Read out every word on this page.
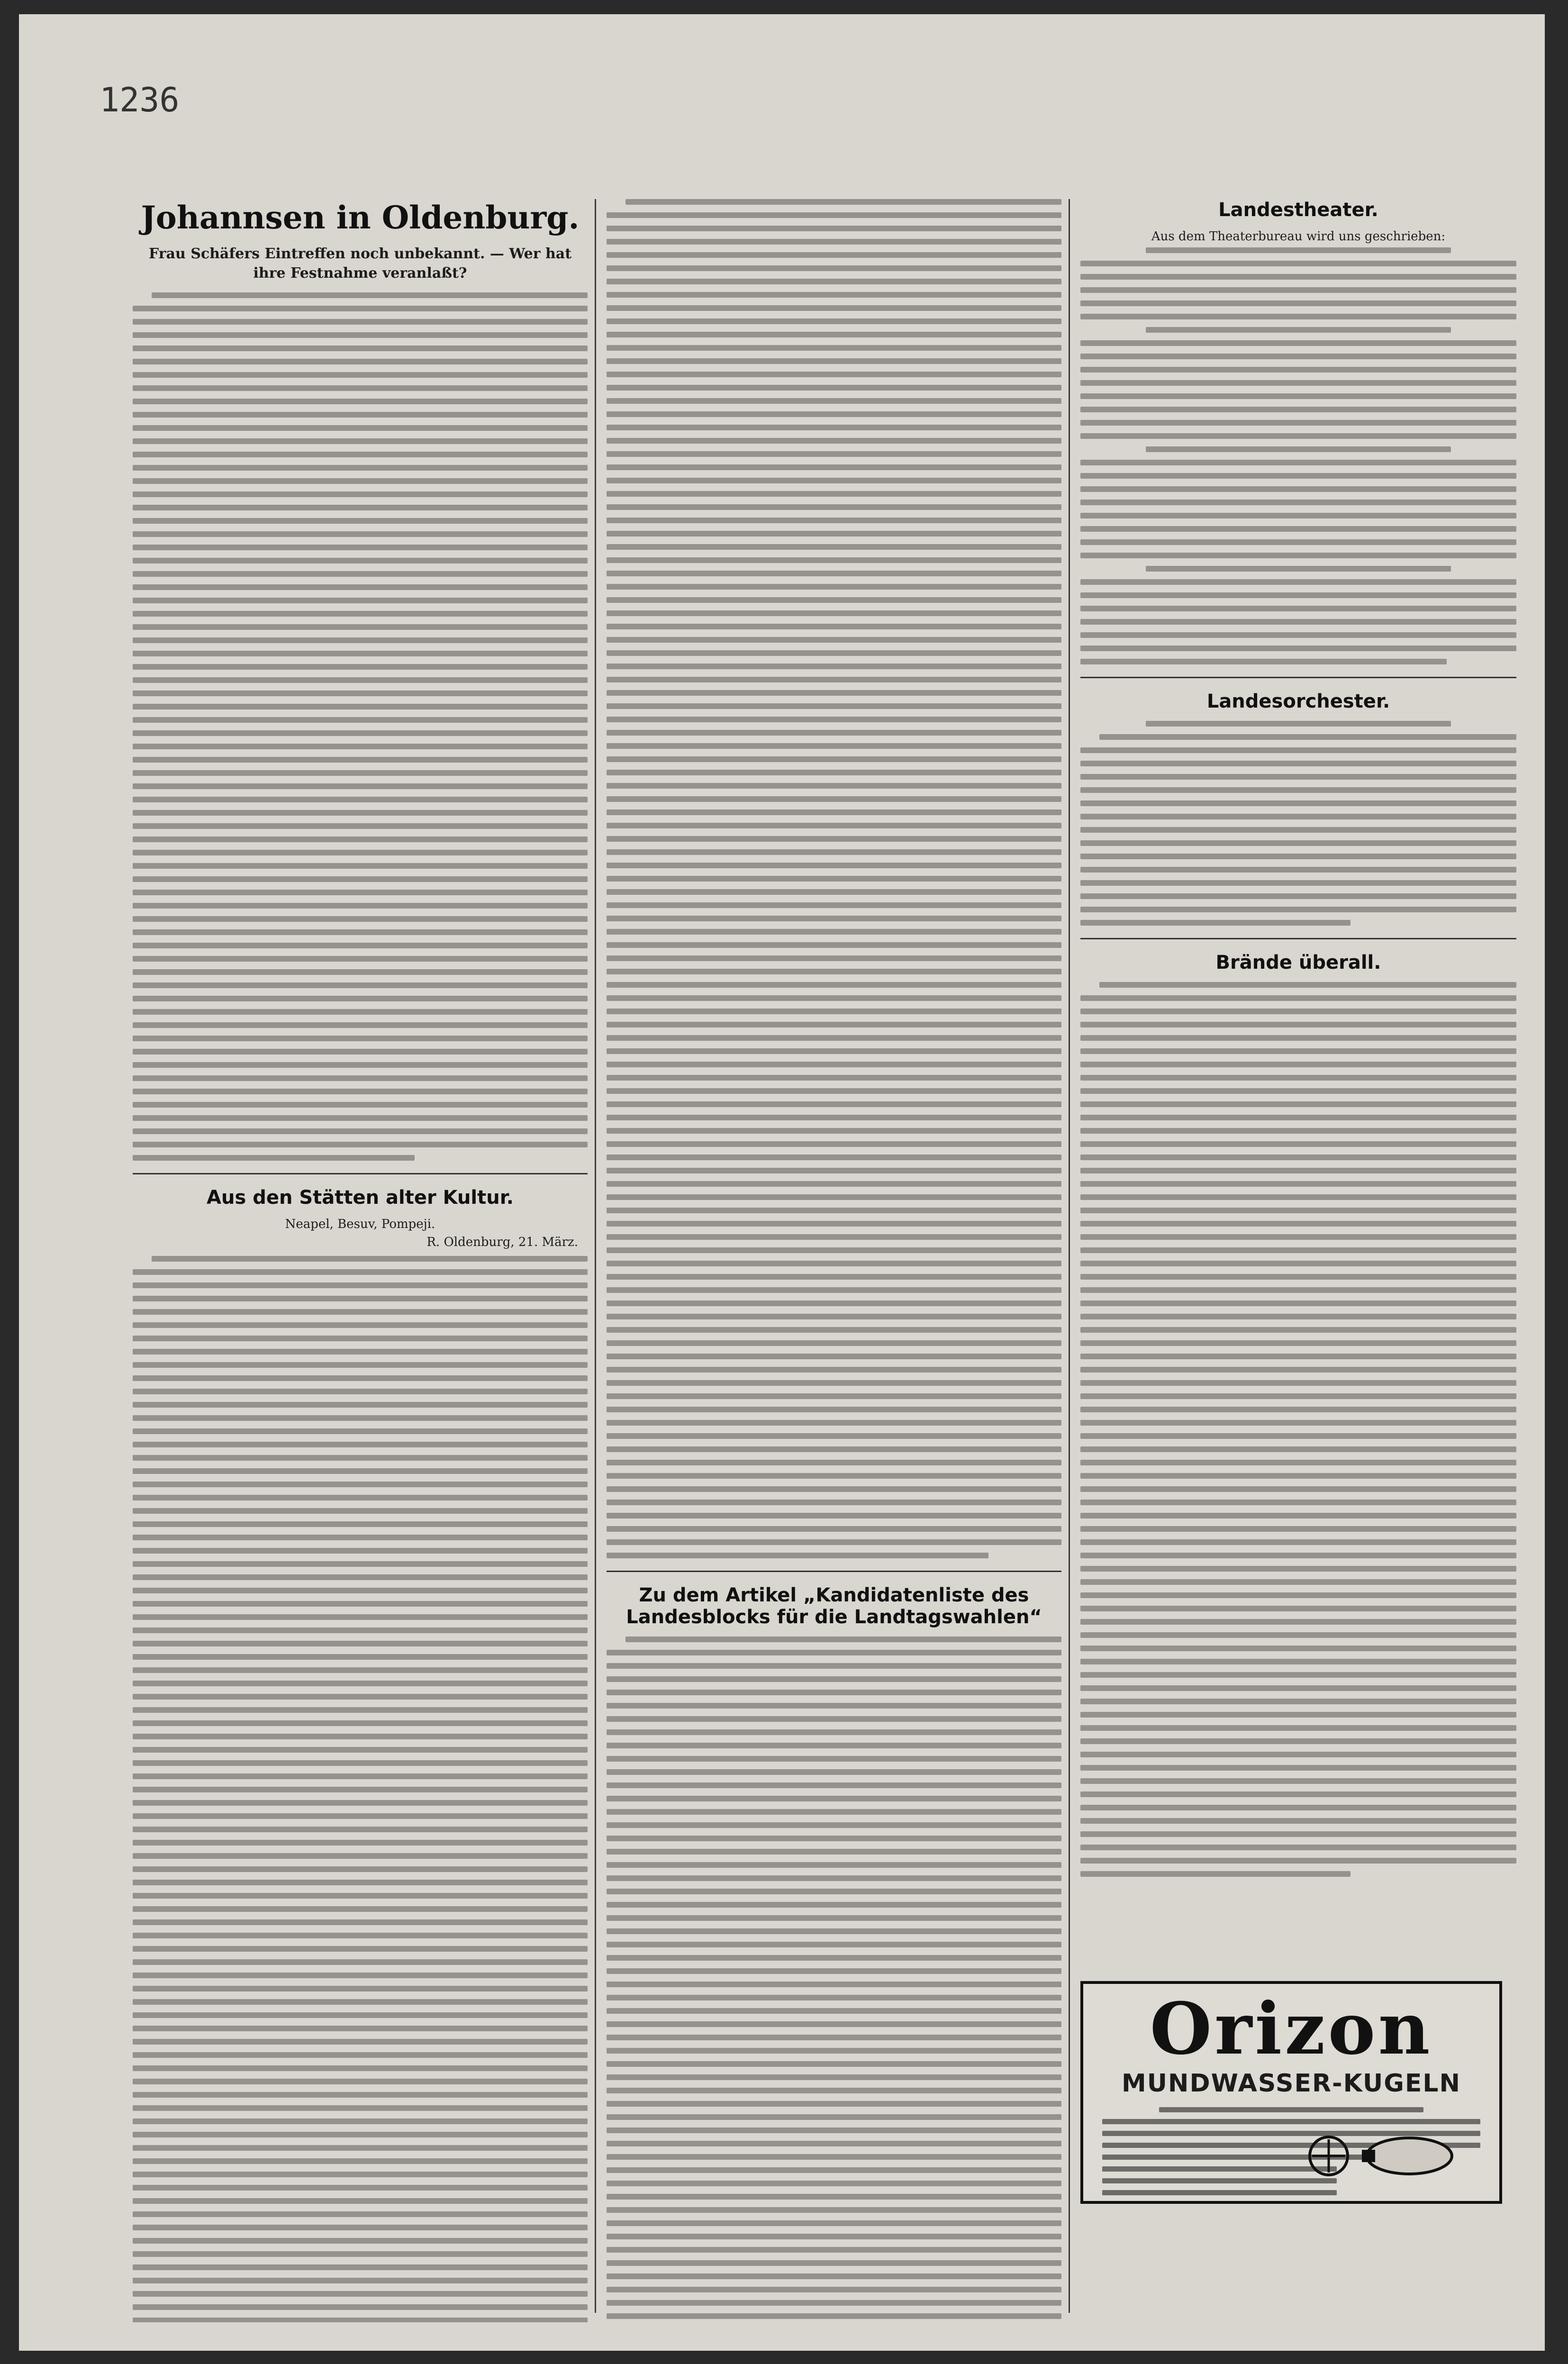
1236
Johannsen in Oldenburg.
Frau Schäfers Eintreffen noch unbekannt. — Wer hat ihre Festnahme veranlaßt?
Aus den Stätten alter Kultur.
Neapel, Besuv, Pompeji.
R. Oldenburg, 21. März.
Zu dem Artikel „Kandidatenliste des Landesblocks für die Landtagswahlen“
Landestheater.
Aus dem Theaterbureau wird uns geschrieben:
Landesorchester.
Brände überall.
Orizon
MUNDWASSER-KUGELN
